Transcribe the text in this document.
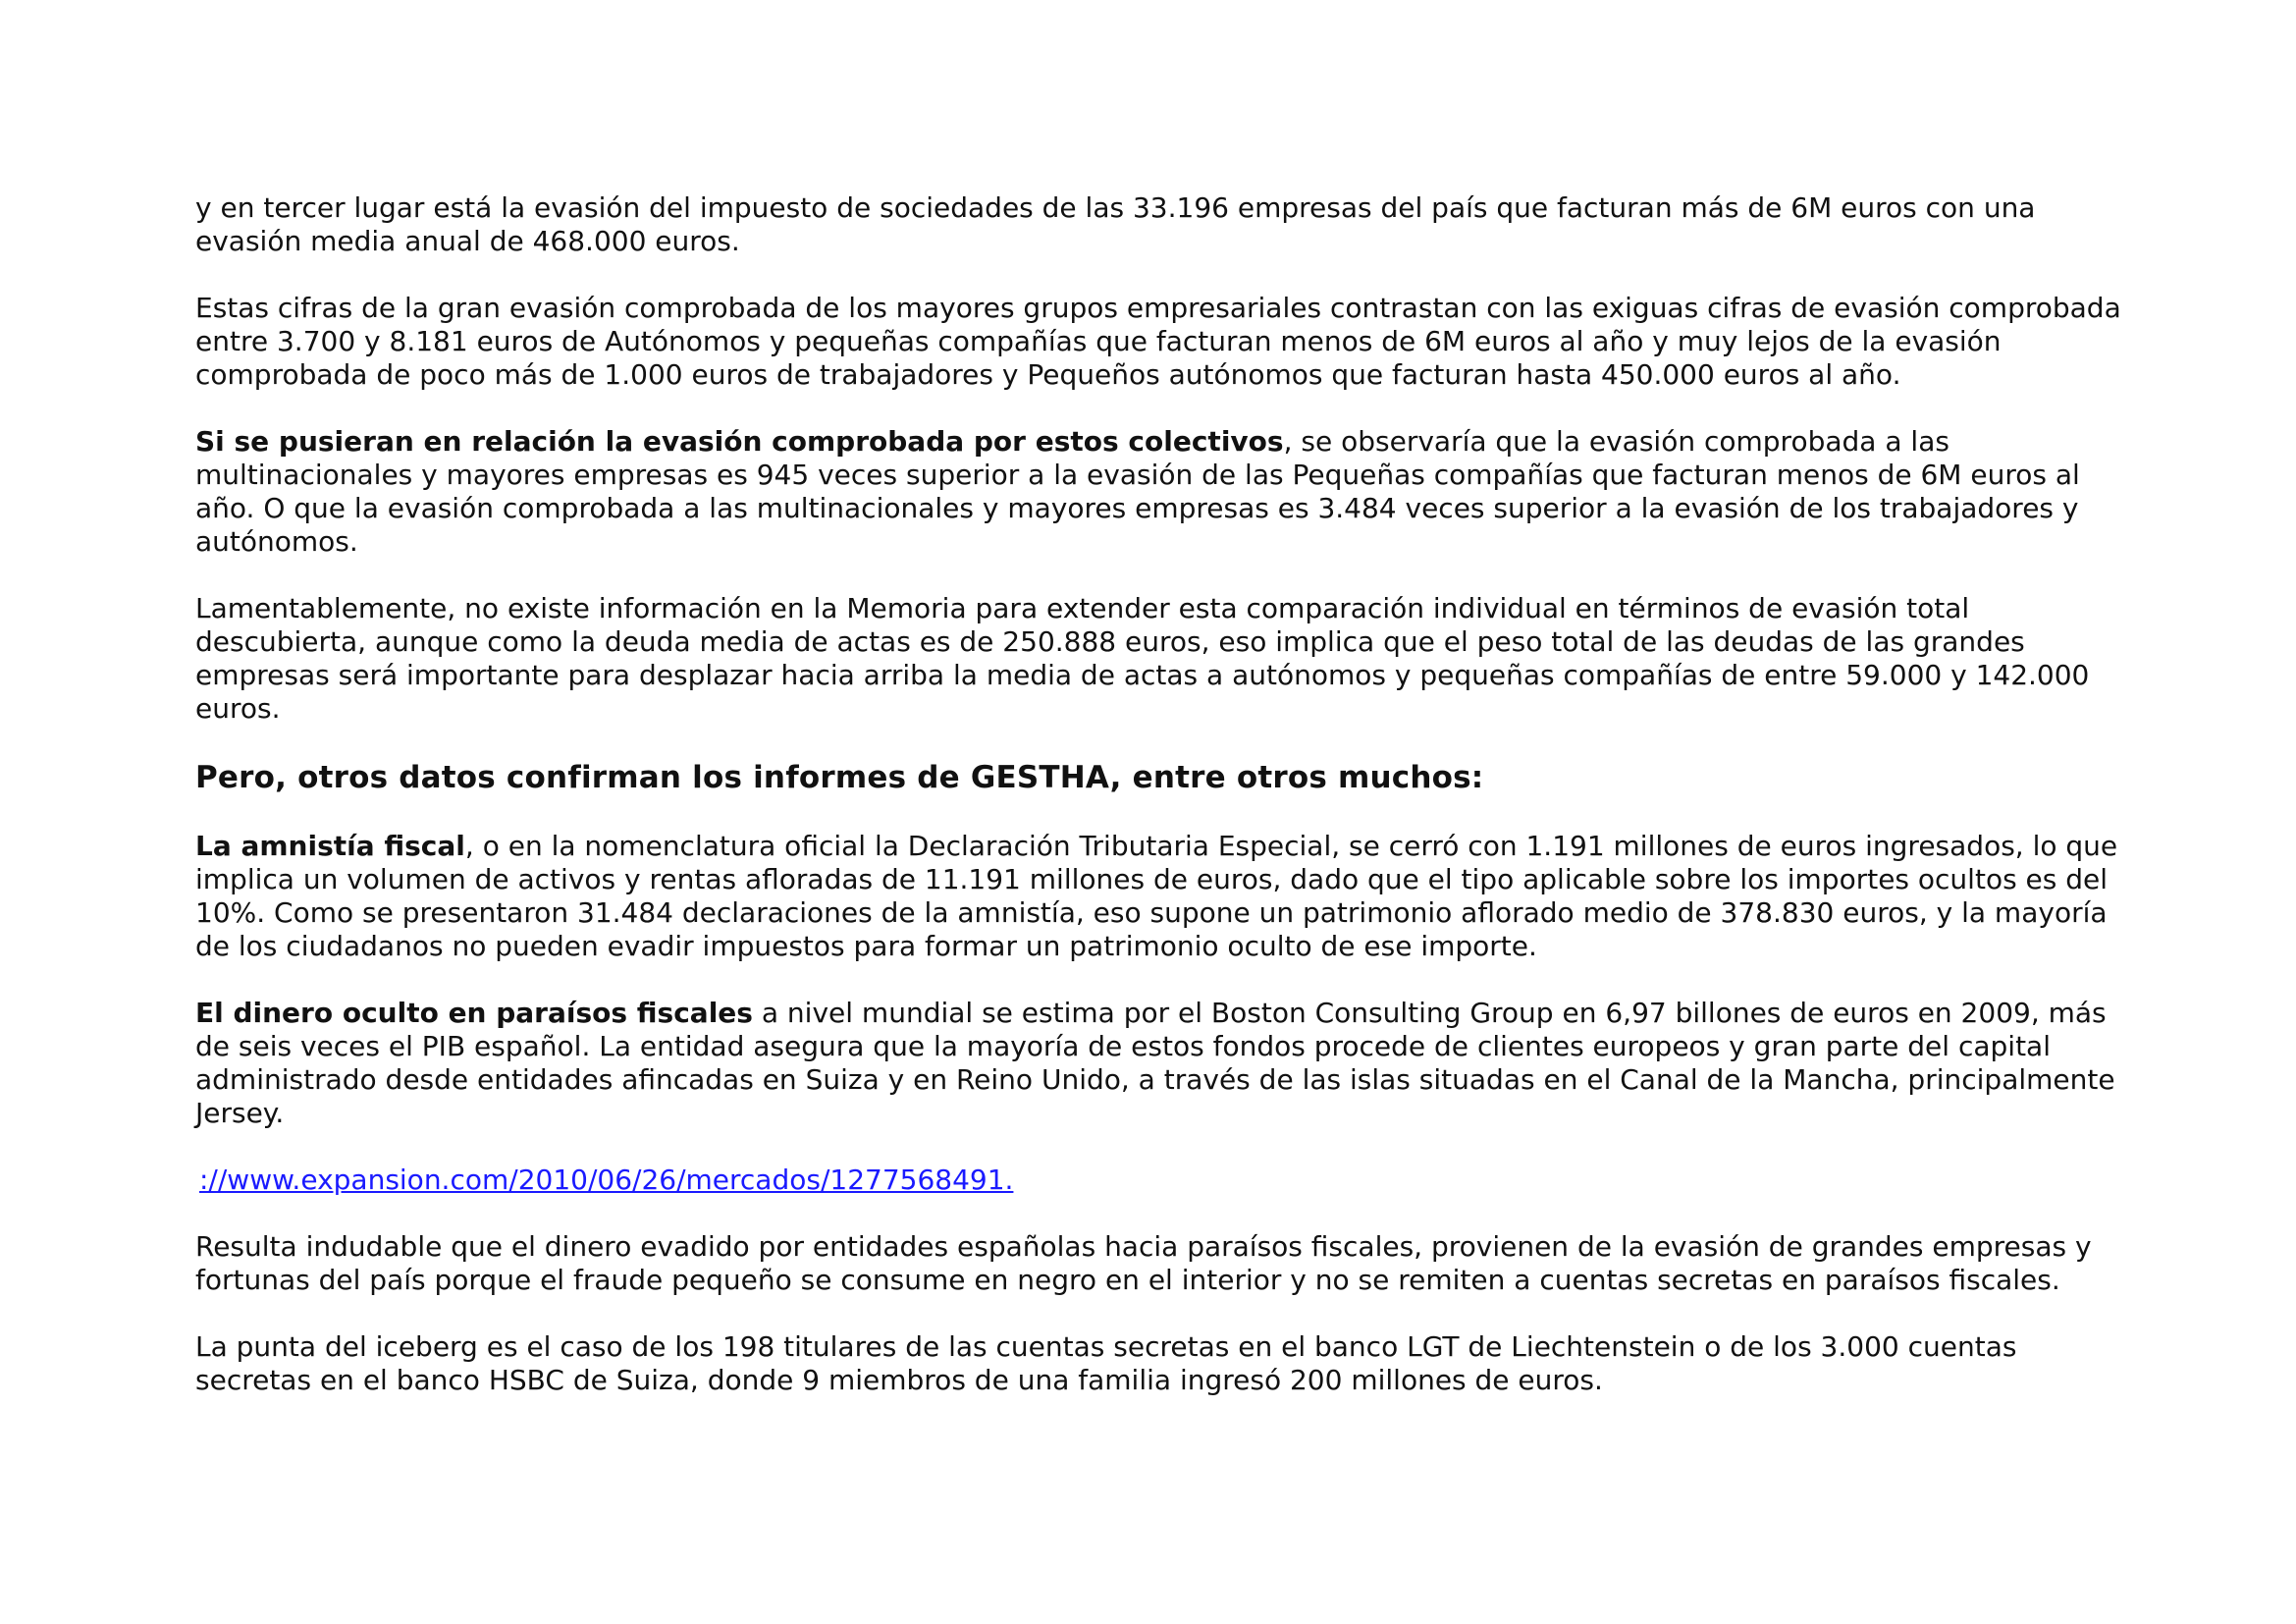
y en tercer lugar está la evasión del impuesto de sociedades de las 33.196 empresas del país que facturan más de 6M euros con una evasión media anual de 468.000 euros.

Estas cifras de la gran evasión comprobada de los mayores grupos empresariales contrastan con las exiguas cifras de evasión comprobada entre 3.700 y 8.181 euros de Autónomos y pequeñas compañías que facturan menos de 6M euros al año y muy lejos de la evasión comprobada de poco más de 1.000 euros de trabajadores y Pequeños autónomos que facturan hasta 450.000 euros al año.

Si se pusieran en relación la evasión comprobada por estos colectivos, se observaría que la evasión comprobada a las multinacionales y mayores empresas es 945 veces superior a la evasión de las Pequeñas compañías que facturan menos de 6M euros al año. O que la evasión comprobada a las multinacionales y mayores empresas es 3.484 veces superior a la evasión de los trabajadores y autónomos.

Lamentablemente, no existe información en la Memoria para extender esta comparación individual en términos de evasión total descubierta, aunque como la deuda media de actas es de 250.888 euros, eso implica que el peso total de las deudas de las grandes empresas será importante para desplazar hacia arriba la media de actas a autónomos y pequeñas compañías de entre 59.000 y 142.000 euros.

Pero, otros datos confirman los informes de GESTHA, entre otros muchos:

La amnistía fiscal, o en la nomenclatura oficial la Declaración Tributaria Especial, se cerró con 1.191 millones de euros ingresados, lo que implica un volumen de activos y rentas afloradas de 11.191 millones de euros, dado que el tipo aplicable sobre los importes ocultos es del 10%. Como se presentaron 31.484 declaraciones de la amnistía, eso supone un patrimonio aflorado medio de 378.830 euros, y la mayoría de los ciudadanos no pueden evadir impuestos para formar un patrimonio oculto de ese importe.

El dinero oculto en paraísos fiscales a nivel mundial se estima por el Boston Consulting Group en 6,97 billones de euros en 2009, más de seis veces el PIB español. La entidad asegura que la mayoría de estos fondos procede de clientes europeos y gran parte del capital administrado desde entidades afincadas en Suiza y en Reino Unido, a través de las islas situadas en el Canal de la Mancha, principalmente Jersey.

://www.expansion.com/2010/06/26/mercados/1277568491.

Resulta indudable que el dinero evadido por entidades españolas hacia paraísos fiscales, provienen de la evasión de grandes empresas y fortunas del país porque el fraude pequeño se consume en negro en el interior y no se remiten a cuentas secretas en paraísos fiscales.

La punta del iceberg es el caso de los 198 titulares de las cuentas secretas en el banco LGT de Liechtenstein o de los 3.000 cuentas secretas en el banco HSBC de Suiza, donde 9 miembros de una familia ingresó 200 millones de euros.
